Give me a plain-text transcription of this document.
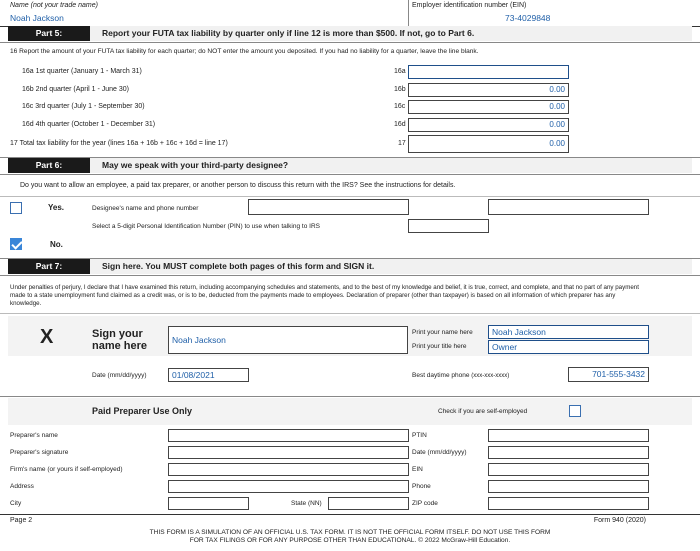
Name (not your trade name)
Noah Jackson
Employer identification number (EIN)
73-4029848
Part 5:	Report your FUTA tax liability by quarter only if line 12 is more than $500. If not, go to Part 6.
16 Report the amount of your FUTA tax liability for each quarter; do NOT enter the amount you deposited. If you had no liability for a quarter, leave the line blank.
16a 1st quarter (January 1 - March 31)	16a
16b 2nd quarter (April 1 - June 30)	16b	0.00
16c 3rd quarter (July 1 - September 30)	16c	0.00
16d 4th quarter (October 1 - December 31)	16d	0.00
17 Total tax liability for the year (lines 16a + 16b + 16c + 16d = line 17)	17	0.00
Part 6:	May we speak with your third-party designee?
Do you want to allow an employee, a paid tax preparer, or another person to discuss this return with the IRS? See the instructions for details.
Yes.	Designee's name and phone number
Select a 5-digit Personal Identification Number (PIN) to use when talking to IRS
No.
Part 7:	Sign here. You MUST complete both pages of this form and SIGN it.
Under penalties of perjury, I declare that I have examined this return, including accompanying schedules and statements, and to the best of my knowledge and belief, it is true, correct, and complete, and that no part of any payment made to a state unemployment fund claimed as a credit was, or is to be, deducted from the payments made to employees. Declaration of preparer (other than taxpayer) is based on all information of which preparer has any knowledge.
X	Sign your
name here	Noah Jackson
Print your name here	Noah Jackson
Print your title here	Owner
Date (mm/dd/yyyy)	01/08/2021	Best daytime phone (xxx-xxx-xxxx)	701-555-3432
Paid Preparer Use Only	Check if you are self-employed
Preparer's name	PTIN
Preparer's signature	Date (mm/dd/yyyy)
Firm's name (or yours if self-employed)	EIN
Address	Phone
City	State (NN)	ZIP code
Page 2	Form 940 (2020)
THIS FORM IS A SIMULATION OF AN OFFICIAL U.S. TAX FORM. IT IS NOT THE OFFICIAL FORM ITSELF. DO NOT USE THIS FORM
FOR TAX FILINGS OR FOR ANY PURPOSE OTHER THAN EDUCATIONAL. © 2022 McGraw-Hill Education.
